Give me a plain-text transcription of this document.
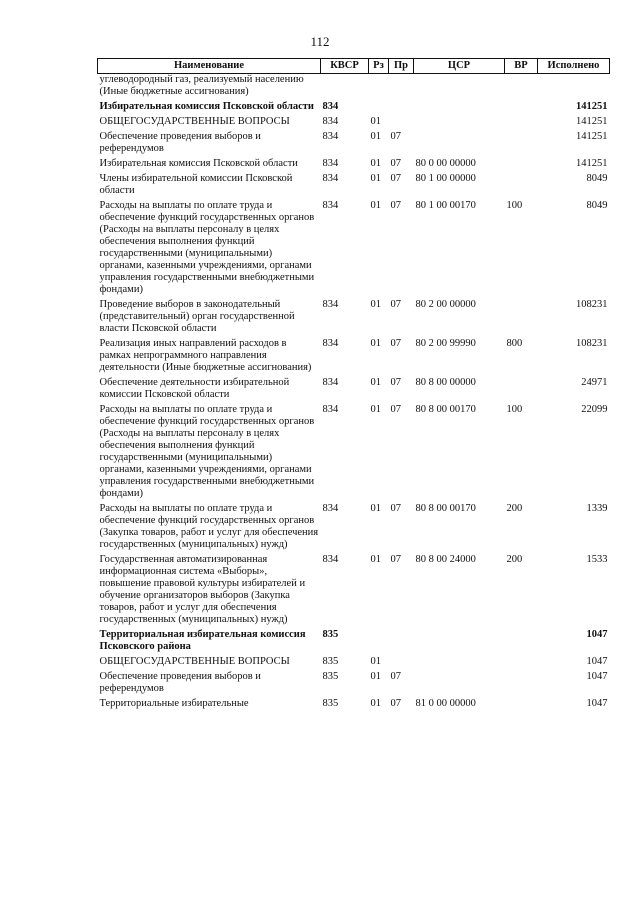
112
Наименование	КВСР	Рз	Пр	ЦСР	ВР	Исполнено
углеводородный газ, реализуемый населению (Иные бюджетные ассигнования)						
Избирательная комиссия Псковской области	834					141251
ОБЩЕГОСУДАРСТВЕННЫЕ ВОПРОСЫ	834	01				141251
Обеспечение проведения выборов и референдумов	834	01	07			141251
Избирательная комиссия Псковской области	834	01	07	80 0 00 00000		141251
Члены избирательной комиссии Псковской области	834	01	07	80 1 00 00000		8049
Расходы на выплаты по оплате труда и обеспечение функций государственных органов (Расходы на выплаты персоналу в целях обеспечения выполнения функций государственными (муниципальными) органами, казенными учреждениями, органами управления государственными внебюджетными фондами)	834	01	07	80 1 00 00170	100	8049
Проведение выборов в законодательный (представительный) орган государственной власти Псковской области	834	01	07	80 2 00 00000		108231
Реализация иных направлений расходов в рамках непрограммного направления деятельности (Иные бюджетные ассигнования)	834	01	07	80 2 00 99990	800	108231
Обеспечение деятельности избирательной комиссии Псковской области	834	01	07	80 8 00 00000		24971
Расходы на выплаты по оплате труда и обеспечение функций государственных органов (Расходы на выплаты персоналу в целях обеспечения выполнения функций государственными (муниципальными) органами, казенными учреждениями, органами управления государственными внебюджетными фондами)	834	01	07	80 8 00 00170	100	22099
Расходы на выплаты по оплате труда и обеспечение функций государственных органов (Закупка товаров, работ и услуг для обеспечения государственных (муниципальных) нужд)	834	01	07	80 8 00 00170	200	1339
Государственная автоматизированная информационная система «Выборы», повышение правовой культуры избирателей и обучение организаторов выборов (Закупка товаров, работ и услуг для обеспечения государственных (муниципальных) нужд)	834	01	07	80 8 00 24000	200	1533
Территориальная избирательная комиссия Псковского района	835					1047
ОБЩЕГОСУДАРСТВЕННЫЕ ВОПРОСЫ	835	01				1047
Обеспечение проведения выборов и референдумов	835	01	07			1047
Территориальные избирательные	835	01	07	81 0 00 00000		1047
